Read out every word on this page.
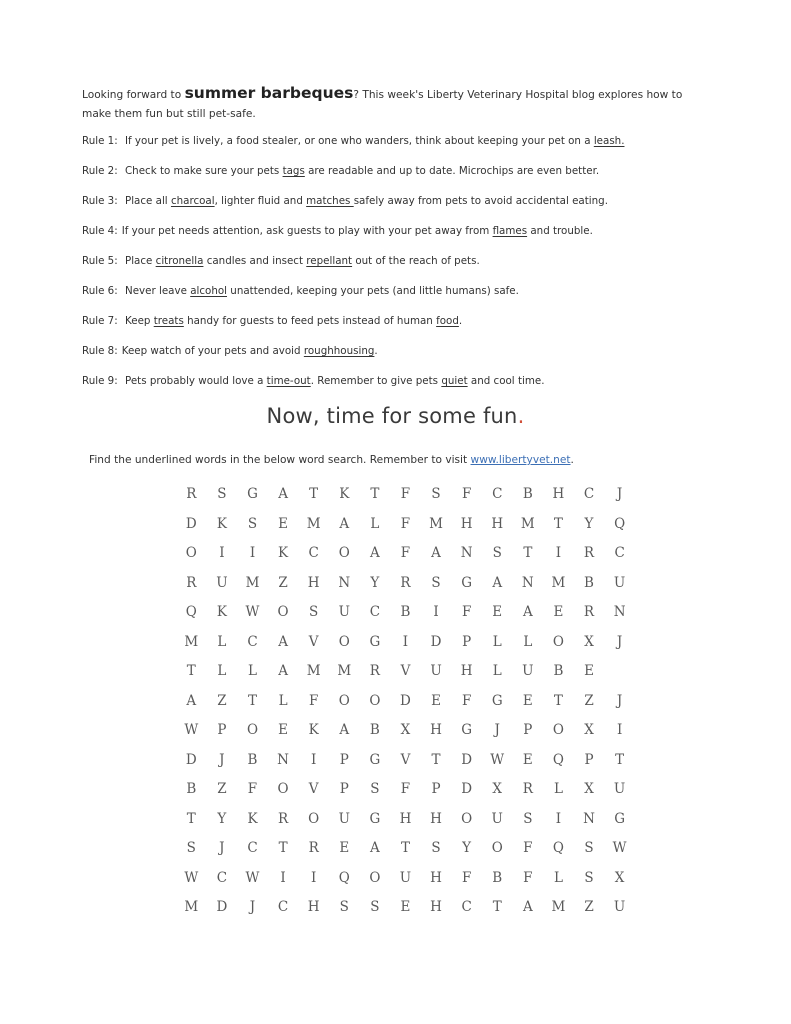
Looking forward to summer barbeques? This week's Liberty Veterinary Hospital blog explores how to make them fun but still pet-safe.
Rule 1: If your pet is lively, a food stealer, or one who wanders, think about keeping your pet on a leash.
Rule 2: Check to make sure your pets tags are readable and up to date. Microchips are even better.
Rule 3: Place all charcoal, lighter fluid and matches safely away from pets to avoid accidental eating.
Rule 4: If your pet needs attention, ask guests to play with your pet away from flames and trouble.
Rule 5: Place citronella candles and insect repellant out of the reach of pets.
Rule 6: Never leave alcohol unattended, keeping your pets (and little humans) safe.
Rule 7: Keep treats handy for guests to feed pets instead of human food.
Rule 8: Keep watch of your pets and avoid roughhousing.
Rule 9: Pets probably would love a time-out. Remember to give pets quiet and cool time.
Now, time for some fun.
Find the underlined words in the below word search. Remember to visit www.libertyvet.net.
R	S	G	A	T	K	T	F	S	F	C	B	H	C	J
D	K	S	E	M	A	L	F	M	H	H	M	T	Y	Q
O	I	I	K	C	O	A	F	A	N	S	T	I	R	C
R	U	M	Z	H	N	Y	R	S	G	A	N	M	B	U
Q	K	W	O	S	U	C	B	I	F	E	A	E	R	N
M	L	C	A	V	O	G	I	D	P	L	L	O	X	J
T	L	L	A	M	M	R	V	U	H	L	U	B	E
A	Z	T	L	F	O	O	D	E	F	G	E	T	Z	J
W	P	O	E	K	A	B	X	H	G	J	P	O	X	I
D	J	B	N	I	P	G	V	T	D	W	E	Q	P	T
B	Z	F	O	V	P	S	F	P	D	X	R	L	X	U
T	Y	K	R	O	U	G	H	H	O	U	S	I	N	G
S	J	C	T	R	E	A	T	S	Y	O	F	Q	S	W
W	C	W	I	I	Q	O	U	H	F	B	F	L	S	X
M	D	J	C	H	S	S	E	H	C	T	A	M	Z	U
